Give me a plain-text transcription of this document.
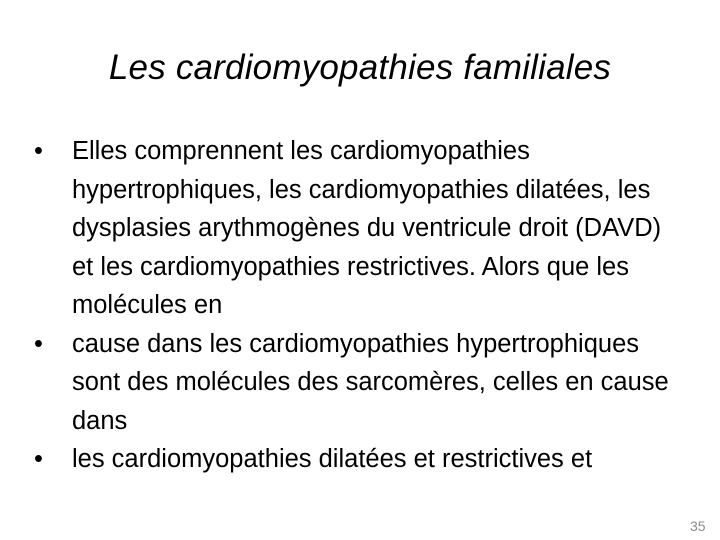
Les cardiomyopathies familiales
•	Elles comprennent les cardiomyopathies hypertrophiques, les cardiomyopathies dilatées, les dysplasies arythmogènes du ventricule droit (DAVD) et les cardiomyopathies restrictives. Alors que les molécules en
•	cause dans les cardiomyopathies hypertrophiques sont des molécules des sarcomères, celles en cause dans
•	les cardiomyopathies dilatées et restrictives et
35
